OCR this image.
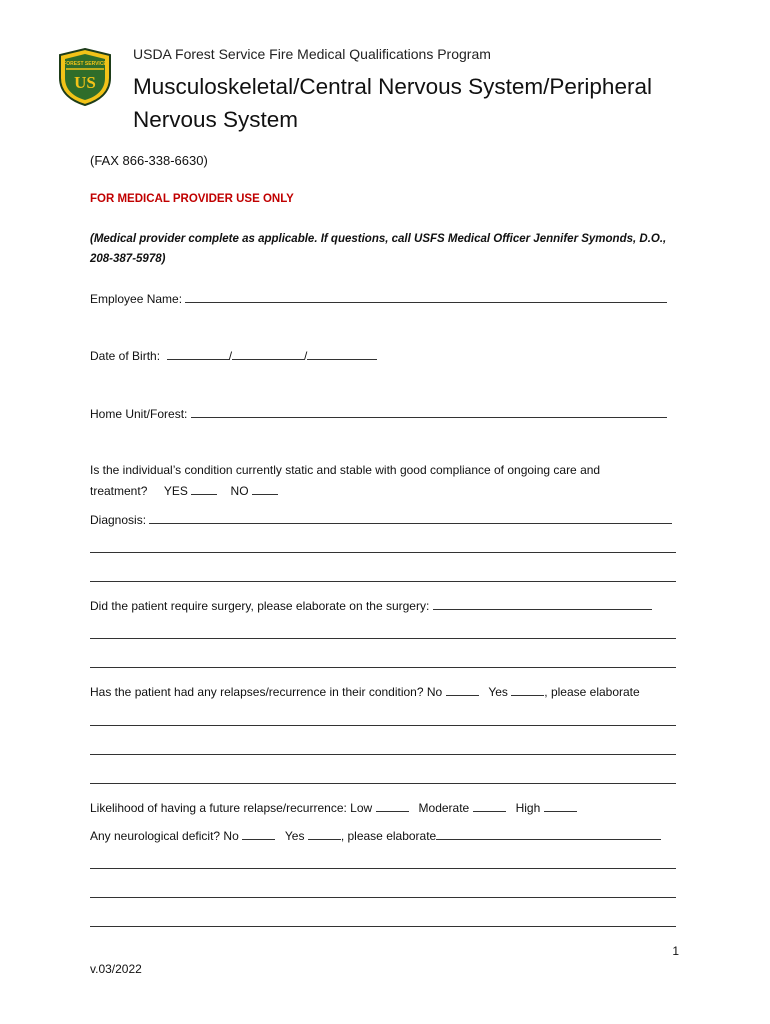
FOREST SERVICE
US
USDA Forest Service Fire Medical Qualifications Program
Musculoskeletal/Central Nervous System/Peripheral
Nervous System
(FAX 866-338-6630)
FOR MEDICAL PROVIDER USE ONLY
(Medical provider complete as applicable. If questions, call USFS Medical Officer Jennifer Symonds, D.O., 208-387-5978)
Employee Name:
Date of Birth:	/	/
Home Unit/Forest:
Is the individual’s condition currently static and stable with good compliance of ongoing care and
treatment? YES	NO
Diagnosis:
Did the patient require surgery, please elaborate on the surgery:
Has the patient had any relapses/recurrence in their condition? No	Yes	, please elaborate
Likelihood of having a future relapse/recurrence: Low	Moderate	High
Any neurological deficit? No	Yes	, please elaborate
1
v.03/2022
